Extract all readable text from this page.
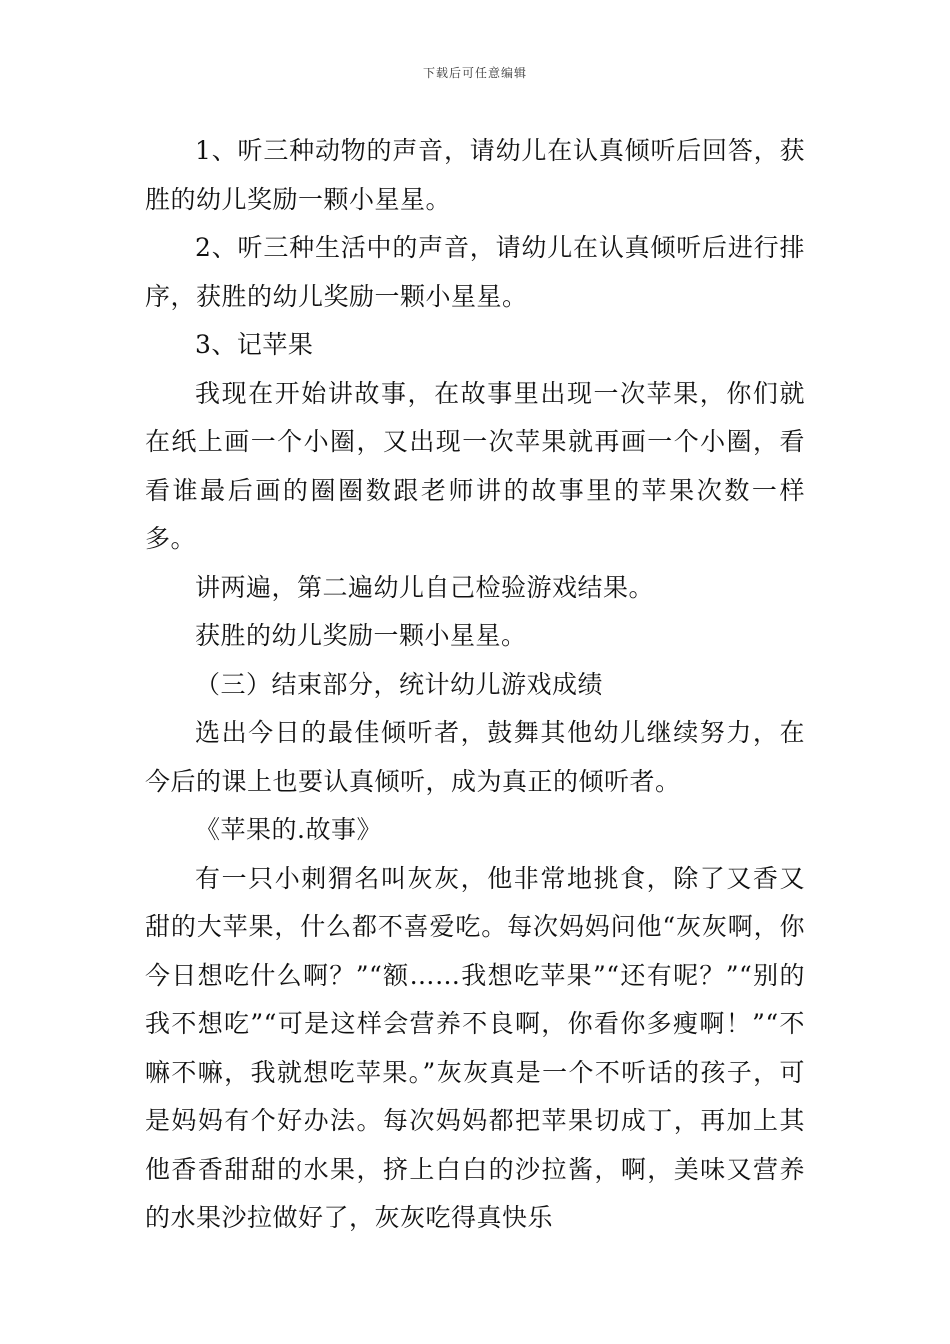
下载后可任意编辑

1、听三种动物的声音，请幼儿在认真倾听后回答，获胜的幼儿奖励一颗小星星。

2、听三种生活中的声音，请幼儿在认真倾听后进行排序，获胜的幼儿奖励一颗小星星。

3、记苹果

我现在开始讲故事，在故事里出现一次苹果，你们就在纸上画一个小圈，又出现一次苹果就再画一个小圈，看看谁最后画的圈圈数跟老师讲的故事里的苹果次数一样多。

讲两遍，第二遍幼儿自己检验游戏结果。

获胜的幼儿奖励一颗小星星。

（三）结束部分，统计幼儿游戏成绩

选出今日的最佳倾听者，鼓舞其他幼儿继续努力，在今后的课上也要认真倾听，成为真正的倾听者。

《苹果的.故事》

有一只小刺猬名叫灰灰，他非常地挑食，除了又香又甜的大苹果，什么都不喜爱吃。每次妈妈问他“灰灰啊，你今日想吃什么啊？”“额……我想吃苹果”“还有呢？”“别的我不想吃”“可是这样会营养不良啊，你看你多瘦啊！”“不嘛不嘛，我就想吃苹果。”灰灰真是一个不听话的孩子，可是妈妈有个好办法。每次妈妈都把苹果切成丁，再加上其他香香甜甜的水果，挤上白白的沙拉酱，啊，美味又营养的水果沙拉做好了，灰灰吃得真快乐
